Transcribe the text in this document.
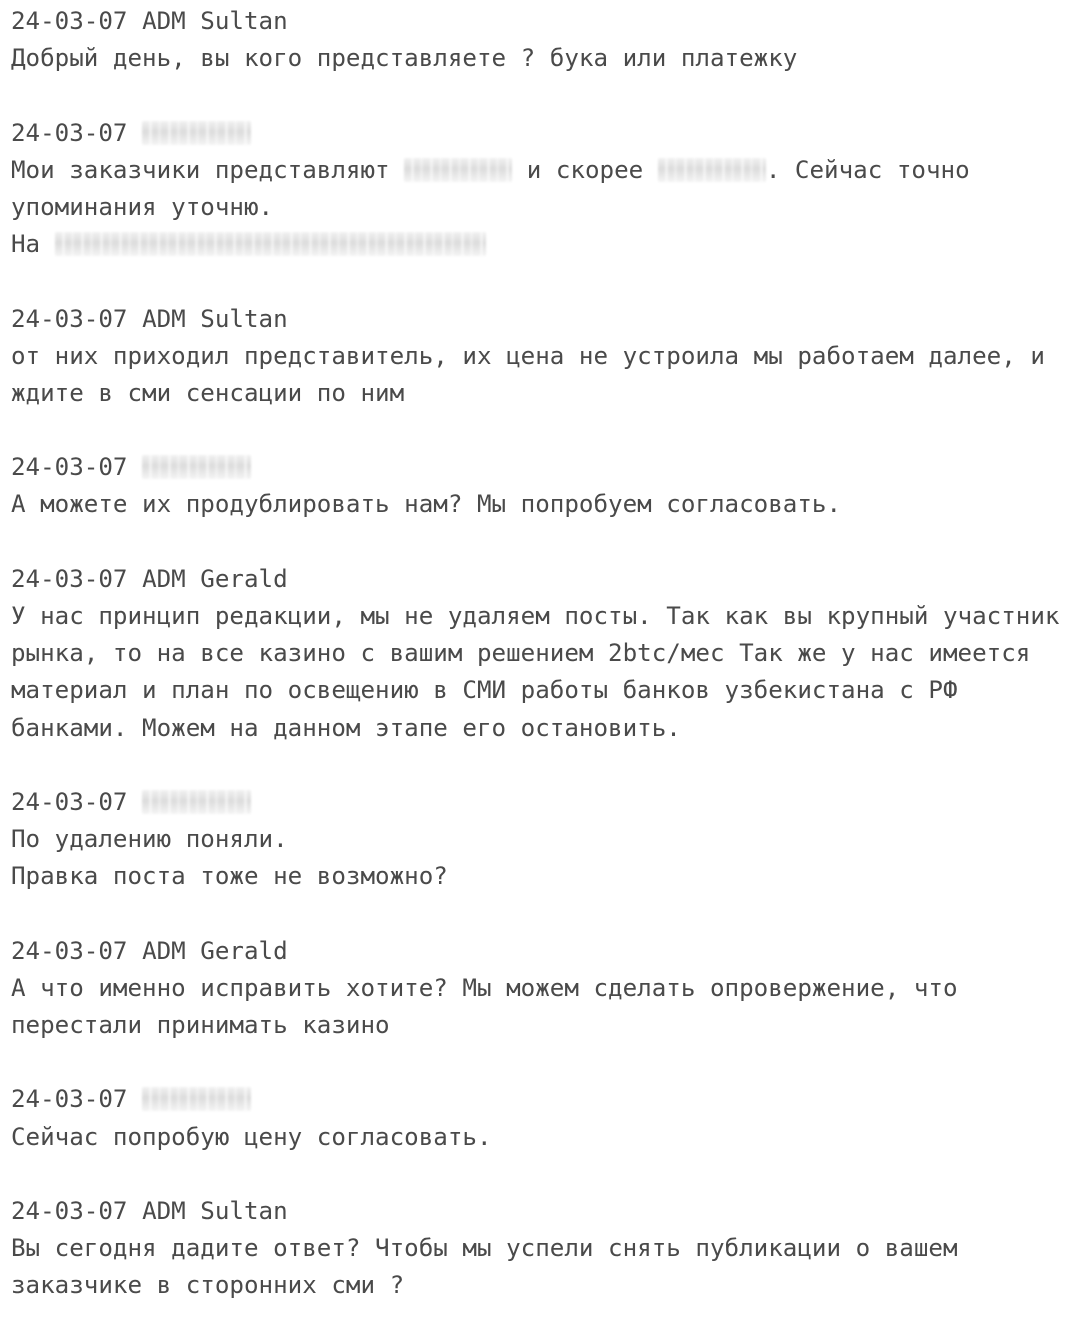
24-03-07 ADM Sultan
Добрый день, вы кого представляете ? бука или платежку
24-03-07
Мои заказчики представляют	и скорее	. Сейчас точно
упоминания уточню.
На
24-03-07 ADM Sultan
от них приходил представитель, их цена не устроила мы работаем далее, и
ждите в сми сенсации по ним
24-03-07
А можете их продублировать нам? Мы попробуем согласовать.
24-03-07 ADM Gerald
У нас принцип редакции, мы не удаляем посты. Так как вы крупный участник
рынка, то на все казино с вашим решением 2btc/мес Так же у нас имеется
материал и план по освещению в СМИ работы банков узбекистана с РФ
банками. Можем на данном этапе его остановить.
24-03-07
По удалению поняли.
Правка поста тоже не возможно?
24-03-07 ADM Gerald
А что именно исправить хотите? Мы можем сделать опровержение, что
перестали принимать казино
24-03-07
Сейчас попробую цену согласовать.
24-03-07 ADM Sultan
Вы сегодня дадите ответ? Чтобы мы успели снять публикации о вашем
заказчике в сторонних сми ?
